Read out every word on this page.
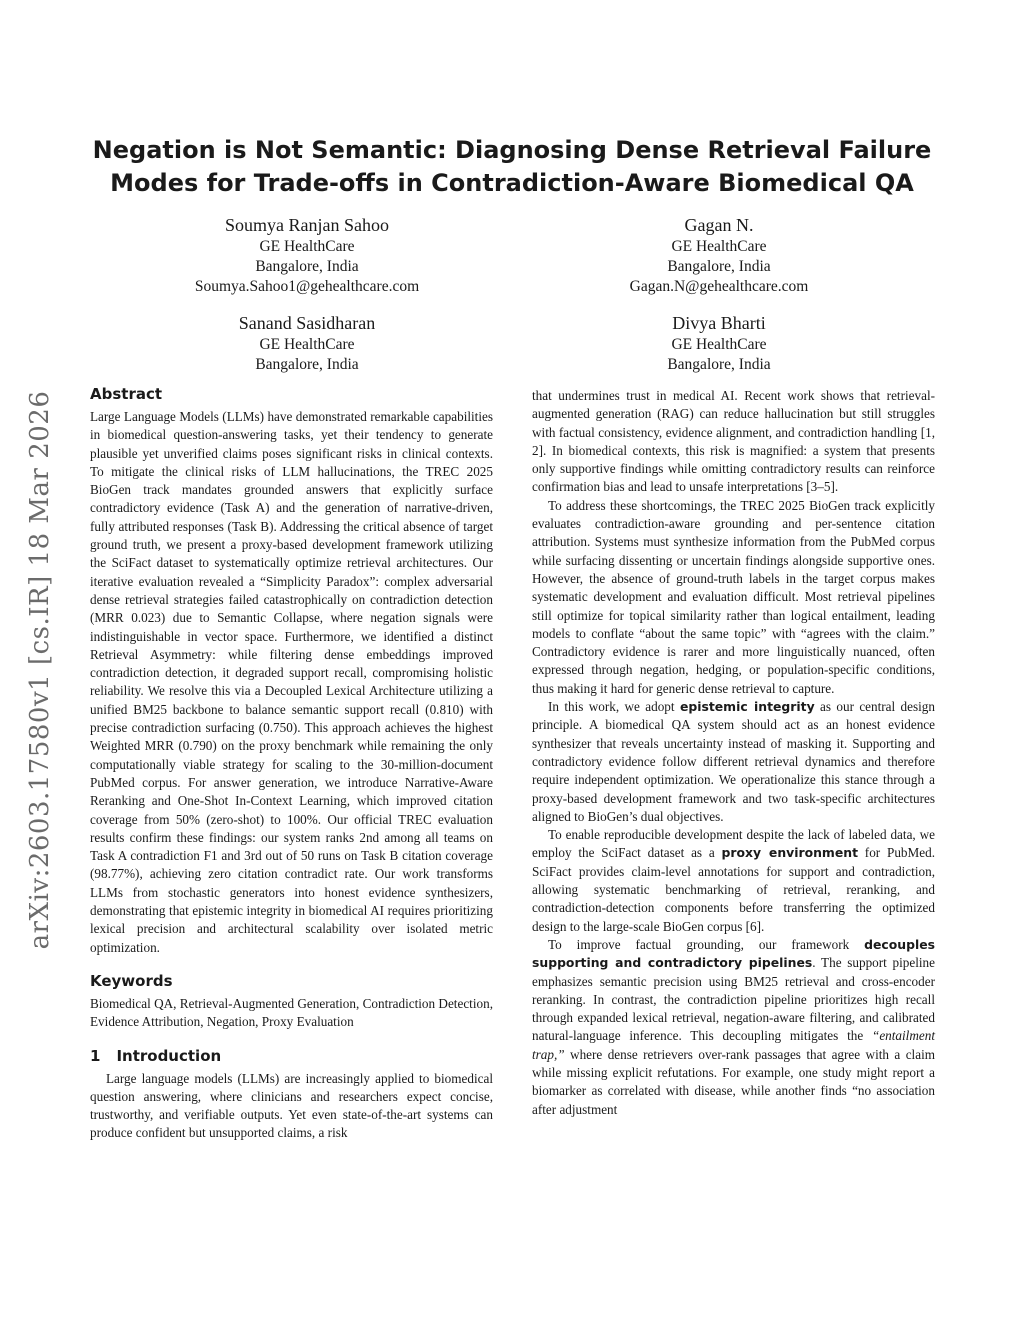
arXiv:2603.17580v1 [cs.IR] 18 Mar 2026
Negation is Not Semantic: Diagnosing Dense Retrieval Failure Modes for Trade-offs in Contradiction-Aware Biomedical QA
Soumya Ranjan Sahoo
GE HealthCare
Bangalore, India
Soumya.Sahoo1@gehealthcare.com
Gagan N.
GE HealthCare
Bangalore, India
Gagan.N@gehealthcare.com
Sanand Sasidharan
GE HealthCare
Bangalore, India
Divya Bharti
GE HealthCare
Bangalore, India
Abstract

Large Language Models (LLMs) have demonstrated remarkable capabilities in biomedical question-answering tasks, yet their tendency to generate plausible yet unverified claims poses significant risks in clinical contexts. To mitigate the clinical risks of LLM hallucinations, the TREC 2025 BioGen track mandates grounded answers that explicitly surface contradictory evidence (Task A) and the generation of narrative-driven, fully attributed responses (Task B). Addressing the critical absence of target ground truth, we present a proxy-based development framework utilizing the SciFact dataset to systematically optimize retrieval architectures. Our iterative evaluation revealed a “Simplicity Paradox”: complex adversarial dense retrieval strategies failed catastrophically on contradiction detection (MRR 0.023) due to Semantic Collapse, where negation signals were indistinguishable in vector space. Furthermore, we identified a distinct Retrieval Asymmetry: while filtering dense embeddings improved contradiction detection, it degraded support recall, compromising holistic reliability. We resolve this via a Decoupled Lexical Architecture utilizing a unified BM25 backbone to balance semantic support recall (0.810) with precise contradiction surfacing (0.750). This approach achieves the highest Weighted MRR (0.790) on the proxy benchmark while remaining the only computationally viable strategy for scaling to the 30-million-document PubMed corpus. For answer generation, we introduce Narrative-Aware Reranking and One-Shot In-Context Learning, which improved citation coverage from 50% (zero-shot) to 100%. Our official TREC evaluation results confirm these findings: our system ranks 2nd among all teams on Task A contradiction F1 and 3rd out of 50 runs on Task B citation coverage (98.77%), achieving zero citation contradict rate. Our work transforms LLMs from stochastic generators into honest evidence synthesizers, demonstrating that epistemic integrity in biomedical AI requires prioritizing lexical precision and architectural scalability over isolated metric optimization.

Keywords

Biomedical QA, Retrieval-Augmented Generation, Contradiction Detection, Evidence Attribution, Negation, Proxy Evaluation

1 Introduction

Large language models (LLMs) are increasingly applied to biomedical question answering, where clinicians and researchers expect concise, trustworthy, and verifiable outputs. Yet even state-of-the-art systems can produce confident but unsupported claims, a risk

that undermines trust in medical AI. Recent work shows that retrieval-augmented generation (RAG) can reduce hallucination but still struggles with factual consistency, evidence alignment, and contradiction handling [1, 2]. In biomedical contexts, this risk is magnified: a system that presents only supportive findings while omitting contradictory results can reinforce confirmation bias and lead to unsafe interpretations [3–5].

To address these shortcomings, the TREC 2025 BioGen track explicitly evaluates contradiction-aware grounding and per-sentence citation attribution. Systems must synthesize information from the PubMed corpus while surfacing dissenting or uncertain findings alongside supportive ones. However, the absence of ground-truth labels in the target corpus makes systematic development and evaluation difficult. Most retrieval pipelines still optimize for topical similarity rather than logical entailment, leading models to conflate “about the same topic” with “agrees with the claim.” Contradictory evidence is rarer and more linguistically nuanced, often expressed through negation, hedging, or population-specific conditions, thus making it hard for generic dense retrieval to capture.

In this work, we adopt epistemic integrity as our central design principle. A biomedical QA system should act as an honest evidence synthesizer that reveals uncertainty instead of masking it. Supporting and contradictory evidence follow different retrieval dynamics and therefore require independent optimization. We operationalize this stance through a proxy-based development framework and two task-specific architectures aligned to BioGen’s dual objectives.

To enable reproducible development despite the lack of labeled data, we employ the SciFact dataset as a proxy environment for PubMed. SciFact provides claim-level annotations for support and contradiction, allowing systematic benchmarking of retrieval, reranking, and contradiction-detection components before transferring the optimized design to the large-scale BioGen corpus [6].

To improve factual grounding, our framework decouples supporting and contradictory pipelines. The support pipeline emphasizes semantic precision using BM25 retrieval and cross-encoder reranking. In contrast, the contradiction pipeline prioritizes high recall through expanded lexical retrieval, negation-aware filtering, and calibrated natural-language inference. This decoupling mitigates the “entailment trap,” where dense retrievers over-rank passages that agree with a claim while missing explicit refutations. For example, one study might report a biomarker as correlated with disease, while another finds “no association after adjustment
